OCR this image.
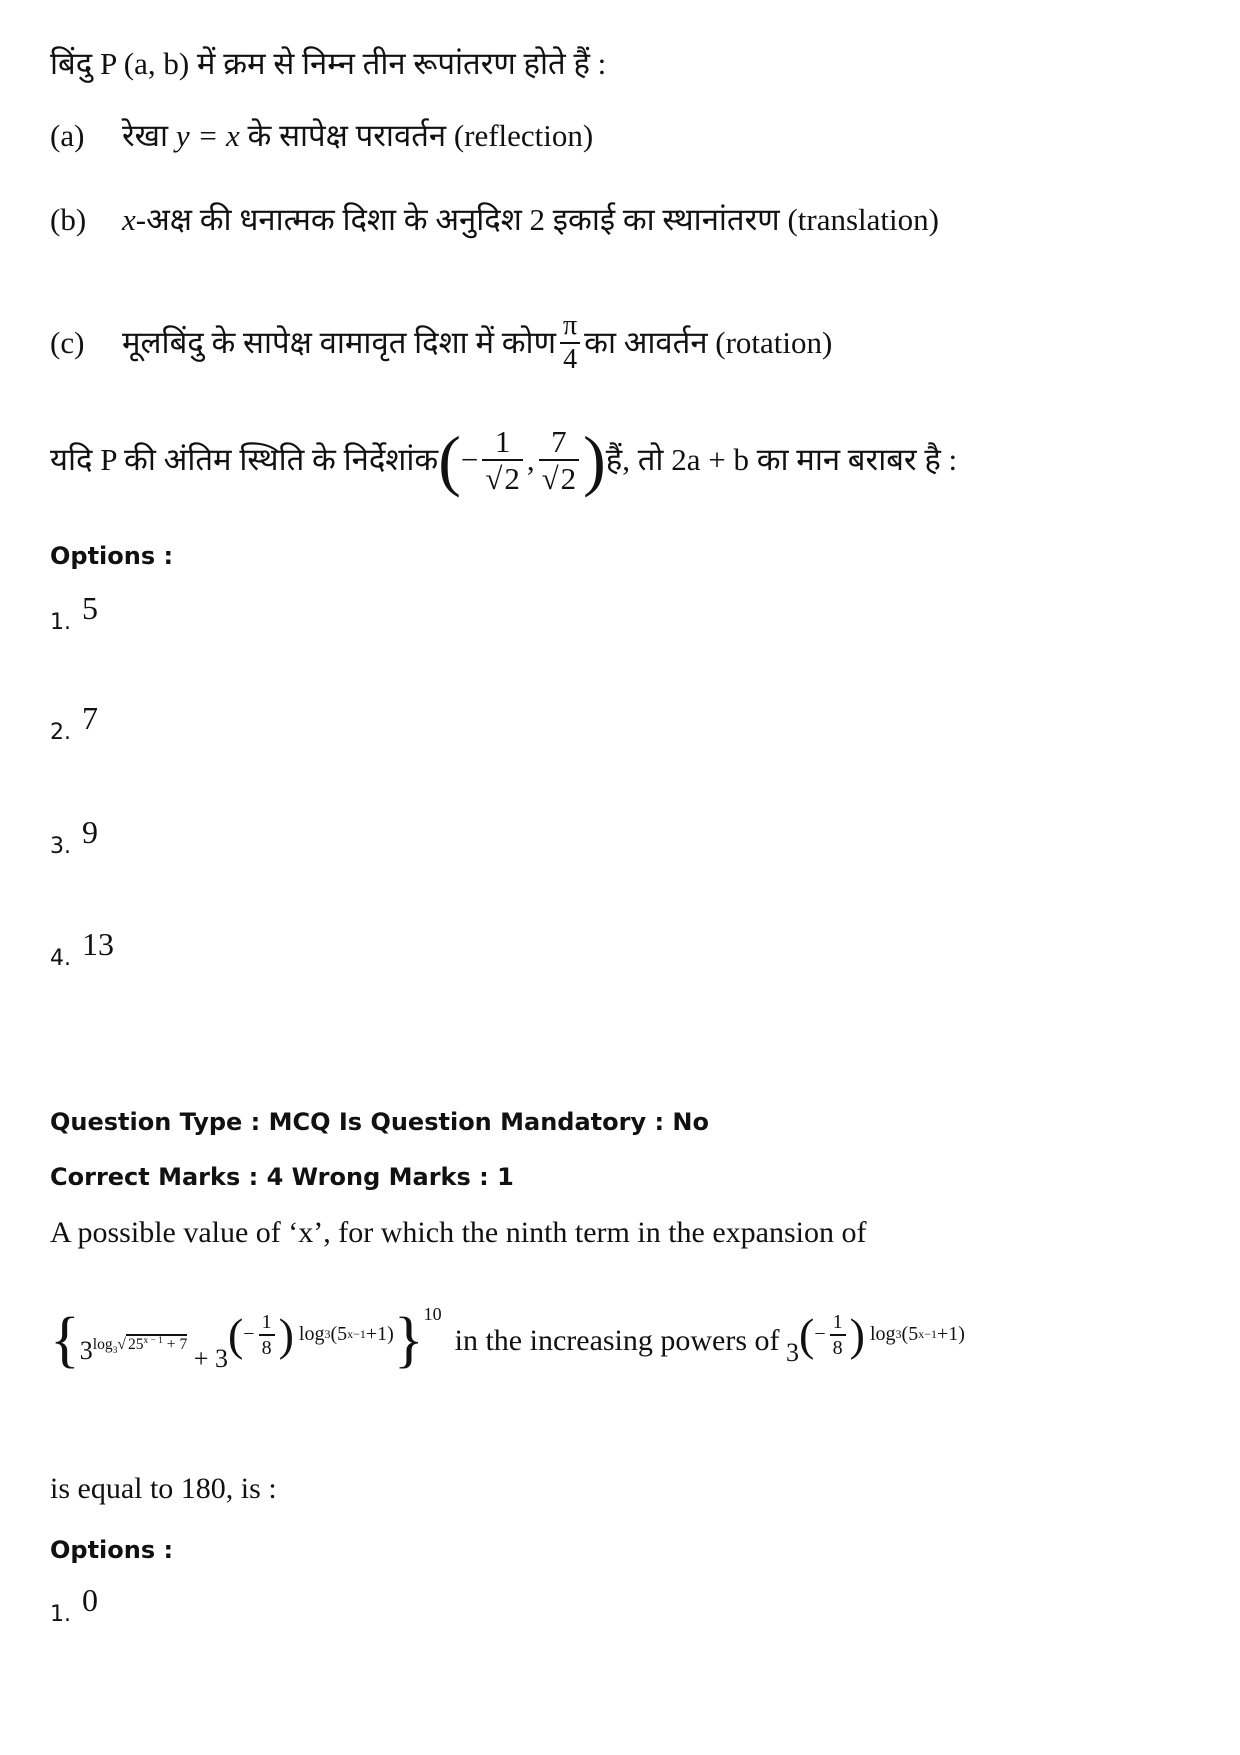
बिंदु P (a, b) में क्रम से निम्न तीन रूपांतरण होते हैं :
(a)	रेखा
y = x
के सापेक्ष परावर्तन (reflection)
(b)	x -अक्ष की धनात्मक दिशा के अनुदिश 2 इकाई का स्थानांतरण (translation)
(c)	मूलबिंदु के सापेक्ष वामावृत दिशा में कोण $\frac{\pi}{4}$ का आवर्तन (rotation)
यदि P की अंतिम स्थिति के निर्देशांक ( − $\frac{1}{√2}$ , $\frac{7}{√2}$ ) हैं, तो 2a + b का मान बराबर है :
Options :
1. 5
2. 7
3. 9
4. 13
Question Type : MCQ Is Question Mandatory : No
Correct Marks : 4 Wrong Marks : 1
A possible value of ‘x’, for which the ninth term in the expansion of
{ $3^{log_3√ 25^{x - 1} + 7}$
+ 3 ( − $\frac{1}{8}$ )
log 3 (5 x−1 +1) }$^{10}$

in the increasing powers of
3 ( − $\frac{1}{8}$ )
log 3 (5 x−1 +1)
is equal to 180, is :
Options :
1. 0
